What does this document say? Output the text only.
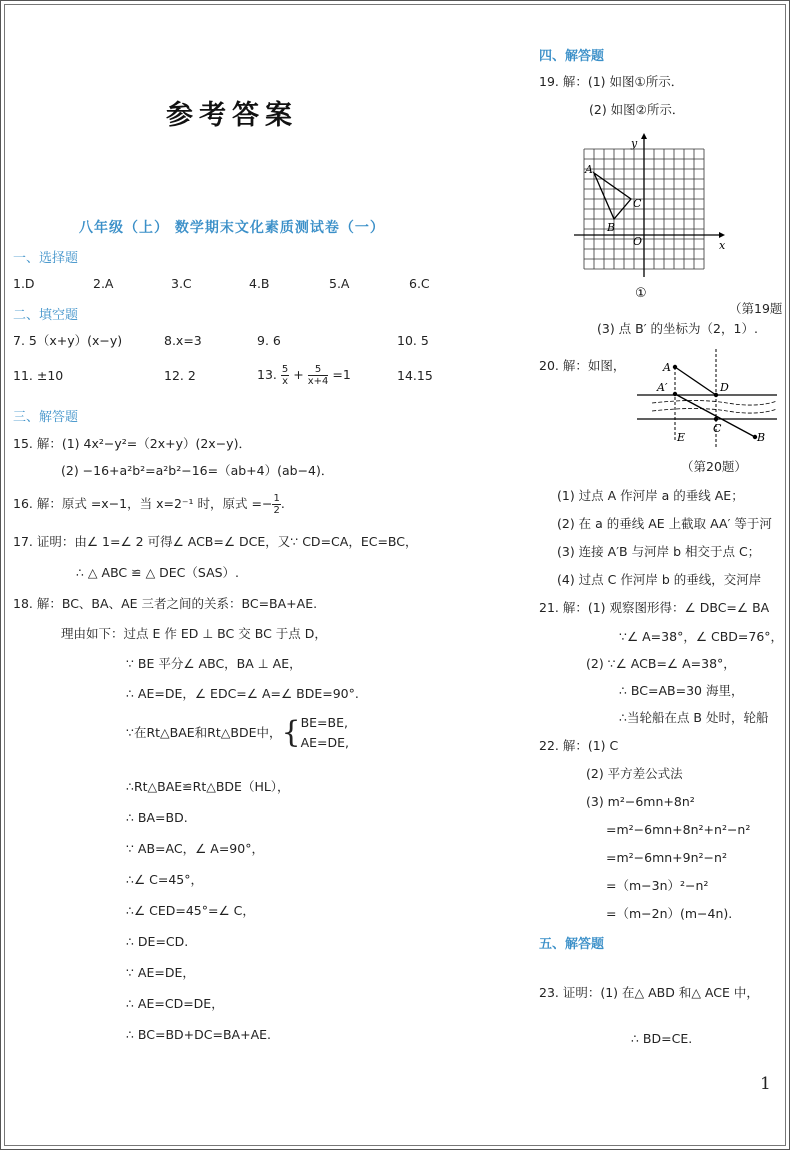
参考答案
八年级（上） 数学期末文化素质测试卷（一）
一、选择题
二、填空题
三、解答题
1.D	2.A	3.C	4.B	5.A	6.C
7. 5（x+y）(x−y)	8.x=3	9. 6	10. 5
11. ±10	12. 2	13. $\frac{5}{x} + \frac{5}{x+4} =1$	14.15
15. 解：(1) 4x²−y²=（2x+y）(2x−y)．
(2) −16+a²b²=a²b²−16=（ab+4）(ab−4)．
16. 解：原式 =x−1，当 x=2⁻¹ 时，原式 =− $\frac{1}{2}$ .
17. 证明：由∠ 1=∠ 2 可得∠ ACB=∠ DCE，又∵ CD=CA，EC=BC，
∴ △ ABC ≌ △ DEC（SAS）.
18. 解：BC、BA、AE 三者之间的关系：BC=BA+AE.
理由如下：过点 E 作 ED ⊥ BC 交 BC 于点 D，
∵ BE 平分∠ ABC，BA ⊥ AE，
∴ AE=DE，∠ EDC=∠ A=∠ BDE=90°.
∵在Rt△BAE和Rt△BDE中，{ BE=BE,
AE=DE,
∴Rt△BAE≌Rt△BDE（HL），
∴ BA=BD.
∵ AB=AC，∠ A=90°，
∴∠ C=45°，
∴∠ CED=45°=∠ C，
∴ DE=CD.
∵ AE=DE，
∴ AE=CD=DE，
∴ BC=BD+DC=BA+AE.
四、解答题
19. 解：(1) 如图①所示．
(2) 如图②所示．
x
y
O
A
B
C
①
（第19题
(3) 点 B′ 的坐标为（2，1）.
20. 解：如图，	A
A′	D
E
C
B
（第20题）
(1) 过点 A 作河岸 a 的垂线 AE；
(2) 在 a 的垂线 AE 上截取 AA′ 等于河
(3) 连接 A′B 与河岸 b 相交于点 C；
(4) 过点 C 作河岸 b 的垂线，交河岸
21. 解：(1) 观察图形得：∠ DBC=∠ BA
∵∠ A=38°，∠ CBD=76°，
(2) ∵∠ ACB=∠ A=38°，
∴ BC=AB=30 海里，
∴当轮船在点 B 处时，轮船
22. 解：(1) C
(2) 平方差公式法
(3) m²−6mn+8n²
=m²−6mn+8n²+n²−n²
=m²−6mn+9n²−n²
=（m−3n）²−n²
=（m−2n）(m−4n).
五、解答题
23. 证明：(1) 在△ ABD 和△ ACE 中，
∴ BD=CE.
1
